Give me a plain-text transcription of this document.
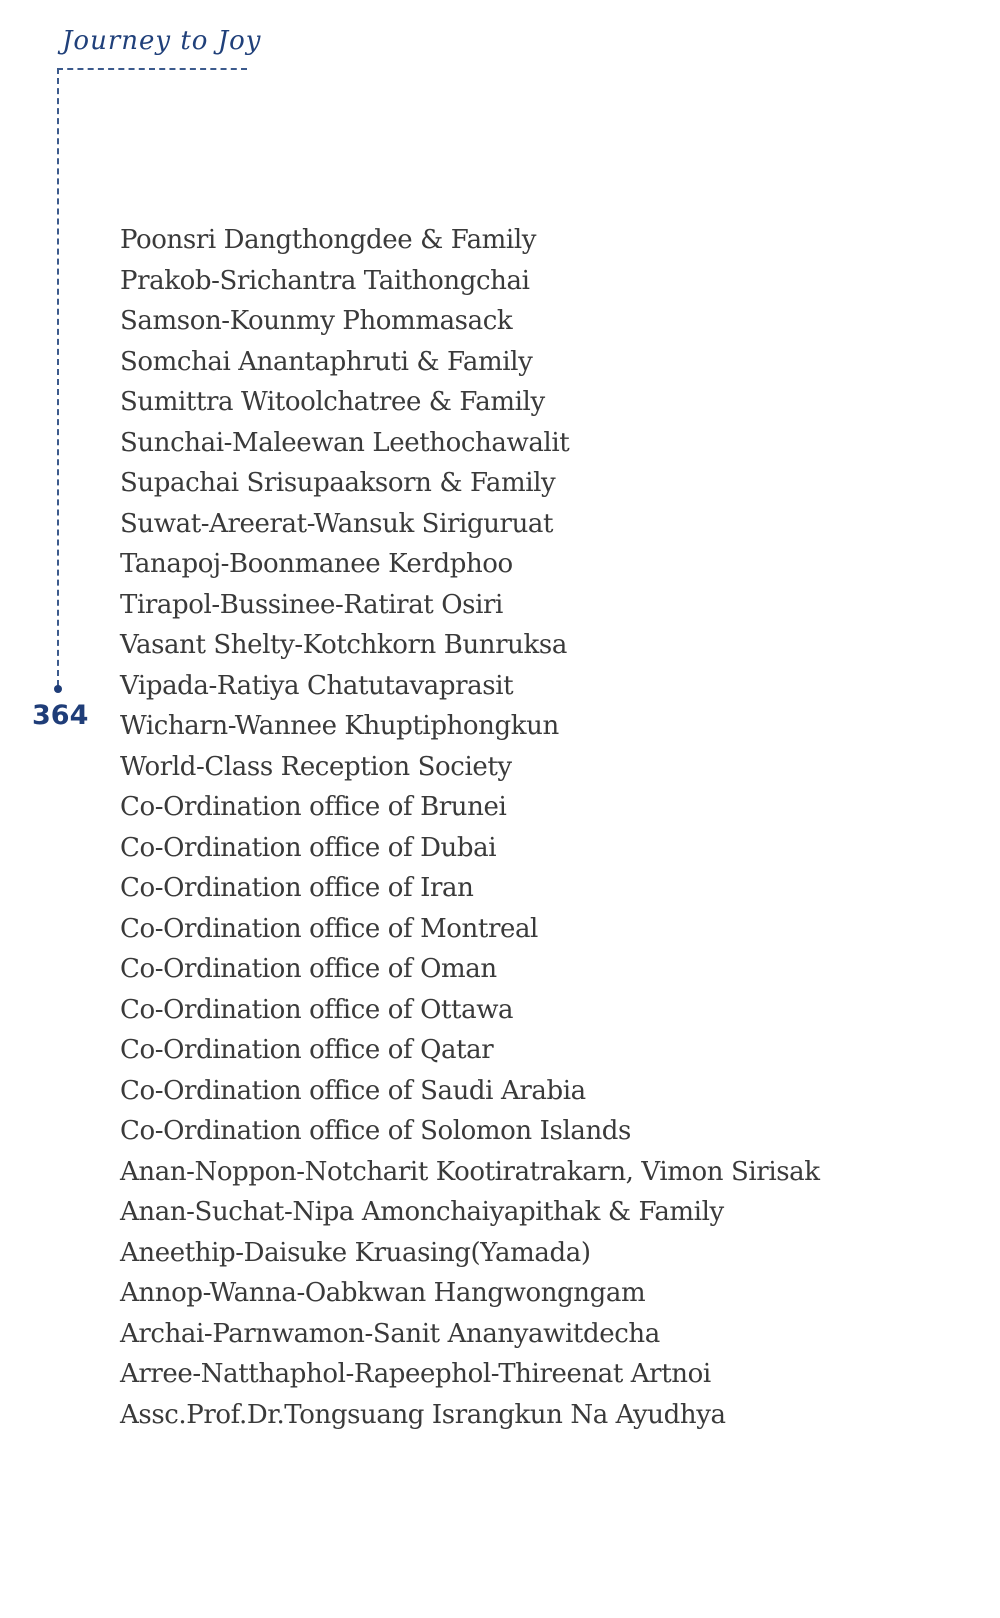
Journey to Joy
364
Poonsri Dangthongdee & Family
Prakob-Srichantra Taithongchai
Samson-Kounmy Phommasack
Somchai Anantaphruti & Family
Sumittra Witoolchatree & Family
Sunchai-Maleewan Leethochawalit
Supachai Srisupaaksorn & Family
Suwat-Areerat-Wansuk Siriguruat
Tanapoj-Boonmanee Kerdphoo
Tirapol-Bussinee-Ratirat Osiri
Vasant Shelty-Kotchkorn Bunruksa
Vipada-Ratiya Chatutavaprasit
Wicharn-Wannee Khuptiphongkun
World-Class Reception Society
Co-Ordination office of Brunei
Co-Ordination office of Dubai
Co-Ordination office of Iran
Co-Ordination office of Montreal
Co-Ordination office of Oman
Co-Ordination office of Ottawa
Co-Ordination office of Qatar
Co-Ordination office of Saudi Arabia
Co-Ordination office of Solomon Islands
Anan-Noppon-Notcharit Kootiratrakarn, Vimon Sirisak
Anan-Suchat-Nipa Amonchaiyapithak & Family
Aneethip-Daisuke Kruasing(Yamada)
Annop-Wanna-Oabkwan Hangwongngam
Archai-Parnwamon-Sanit Ananyawitdecha
Arree-Natthaphol-Rapeephol-Thireenat Artnoi
Assc.Prof.Dr.Tongsuang Israngkun Na Ayudhya
